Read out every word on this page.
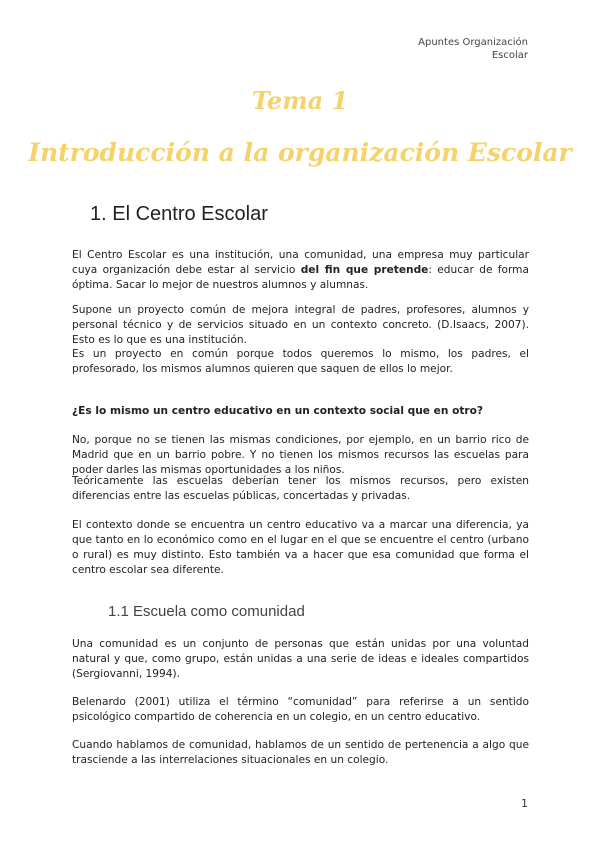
Apuntes Organización
Escolar
Tema 1
Introducción a la organización Escolar
1. El Centro Escolar

El Centro Escolar es una institución, una comunidad, una empresa muy particular cuya organización debe estar al servicio del fin que pretende: educar de forma óptima. Sacar lo mejor de nuestros alumnos y alumnas.

Supone un proyecto común de mejora integral de padres, profesores, alumnos y personal técnico y de servicios situado en un contexto concreto. (D.Isaacs, 2007). Esto es lo que es una institución.

Es un proyecto en común porque todos queremos lo mismo, los padres, el profesorado, los mismos alumnos quieren que saquen de ellos lo mejor.

¿Es lo mismo un centro educativo en un contexto social que en otro?

No, porque no se tienen las mismas condiciones, por ejemplo, en un barrio rico de Madrid que en un barrio pobre. Y no tienen los mismos recursos las escuelas para poder darles las mismas oportunidades a los niños.

Teóricamente las escuelas deberían tener los mismos recursos, pero existen diferencias entre las escuelas públicas, concertadas y privadas.

El contexto donde se encuentra un centro educativo va a marcar una diferencia, ya que tanto en lo económico como en el lugar en el que se encuentre el centro (urbano o rural) es muy distinto. Esto también va a hacer que esa comunidad que forma el centro escolar sea diferente.

1.1 Escuela como comunidad

Una comunidad es un conjunto de personas que están unidas por una voluntad natural y que, como grupo, están unidas a una serie de ideas e ideales compartidos (Sergiovanni, 1994).

Belenardo (2001) utiliza el término “comunidad” para referirse a un sentido psicológico compartido de coherencia en un colegio, en un centro educativo.

Cuando hablamos de comunidad, hablamos de un sentido de pertenencia a algo que trasciende a las interrelaciones situacionales en un colegio.

1
